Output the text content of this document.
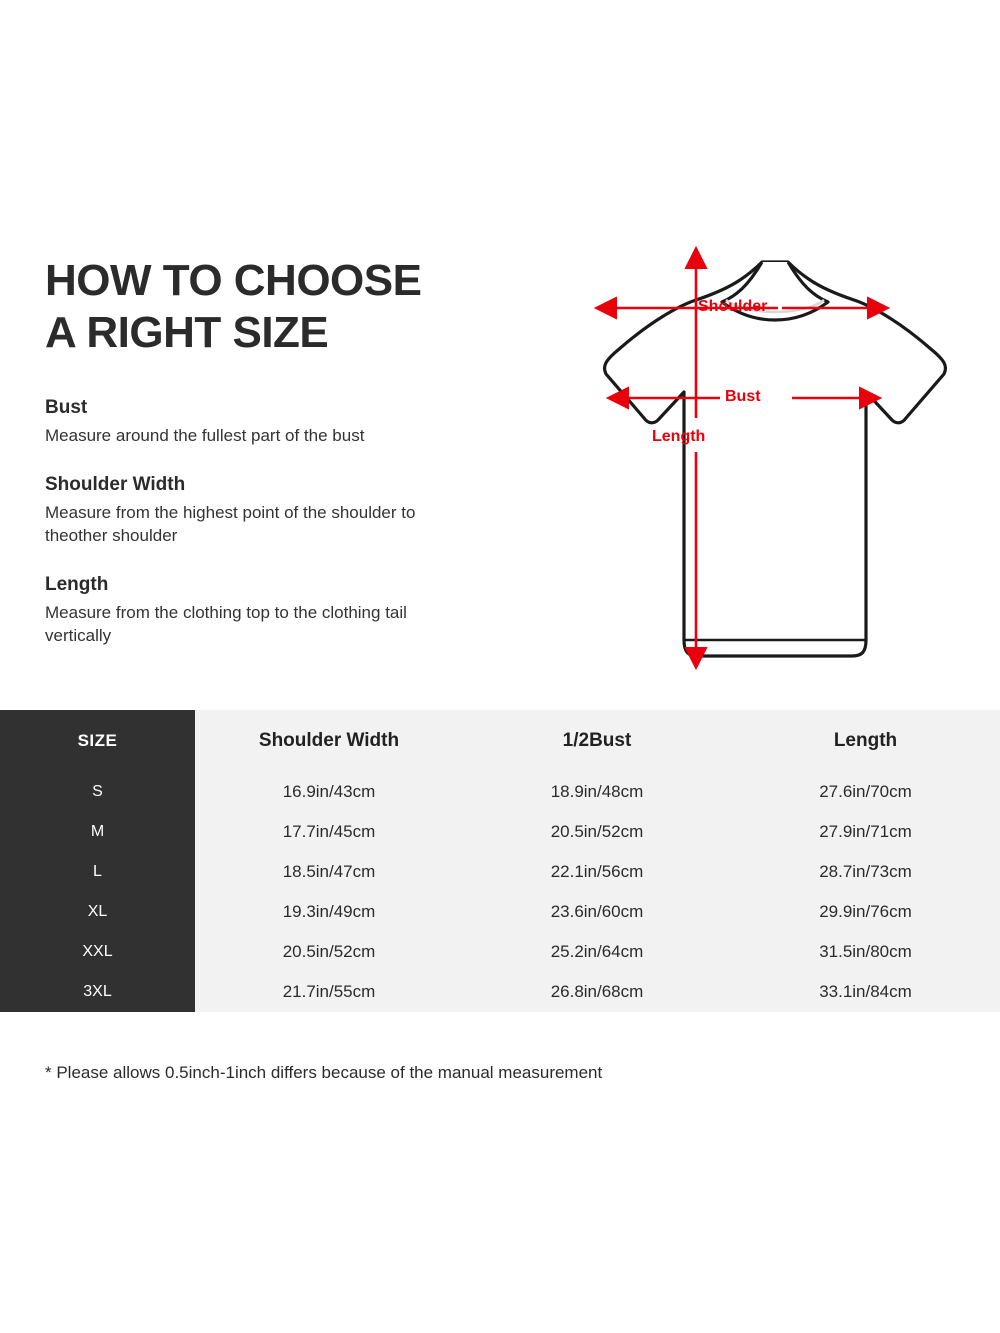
HOW TO CHOOSE
A RIGHT SIZE

Bust

Measure around the fullest part of the bust

Shoulder Width

Measure from the highest point of the shoulder to theother shoulder

Length

Measure from the clothing top to the clothing tail vertically

Shoulder
Bust
Length
SIZE	Shoulder Width	1/2Bust	Length
S	16.9in/43cm	18.9in/48cm	27.6in/70cm
M	17.7in/45cm	20.5in/52cm	27.9in/71cm
L	18.5in/47cm	22.1in/56cm	28.7in/73cm
XL	19.3in/49cm	23.6in/60cm	29.9in/76cm
XXL	20.5in/52cm	25.2in/64cm	31.5in/80cm
3XL	21.7in/55cm	26.8in/68cm	33.1in/84cm
* Please allows 0.5inch-1inch differs because of the manual measurement
